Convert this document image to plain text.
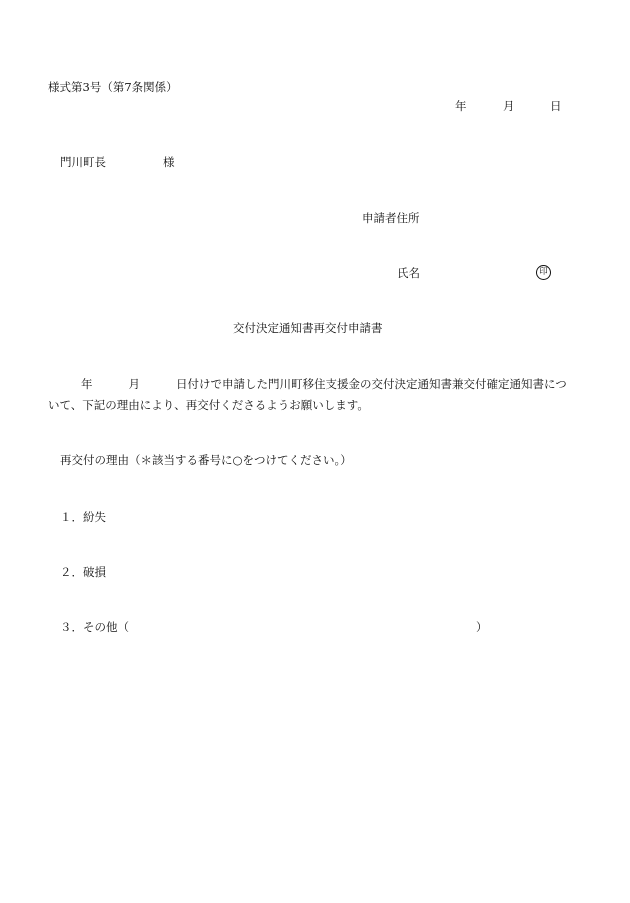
様式第3号（第7条関係）
年	月	日
門川町長	様
申請者住所
氏名	印
交付決定通知書再交付申請書
年	月	日付けで申請した門川町移住支援金の交付決定通知書兼交付確定通知書につ
いて、下記の理由により、再交付くださるようお願いします。
再交付の理由（＊該当する番号に○をつけてください。）
１．紛失
２．破損
３．その他（	）
